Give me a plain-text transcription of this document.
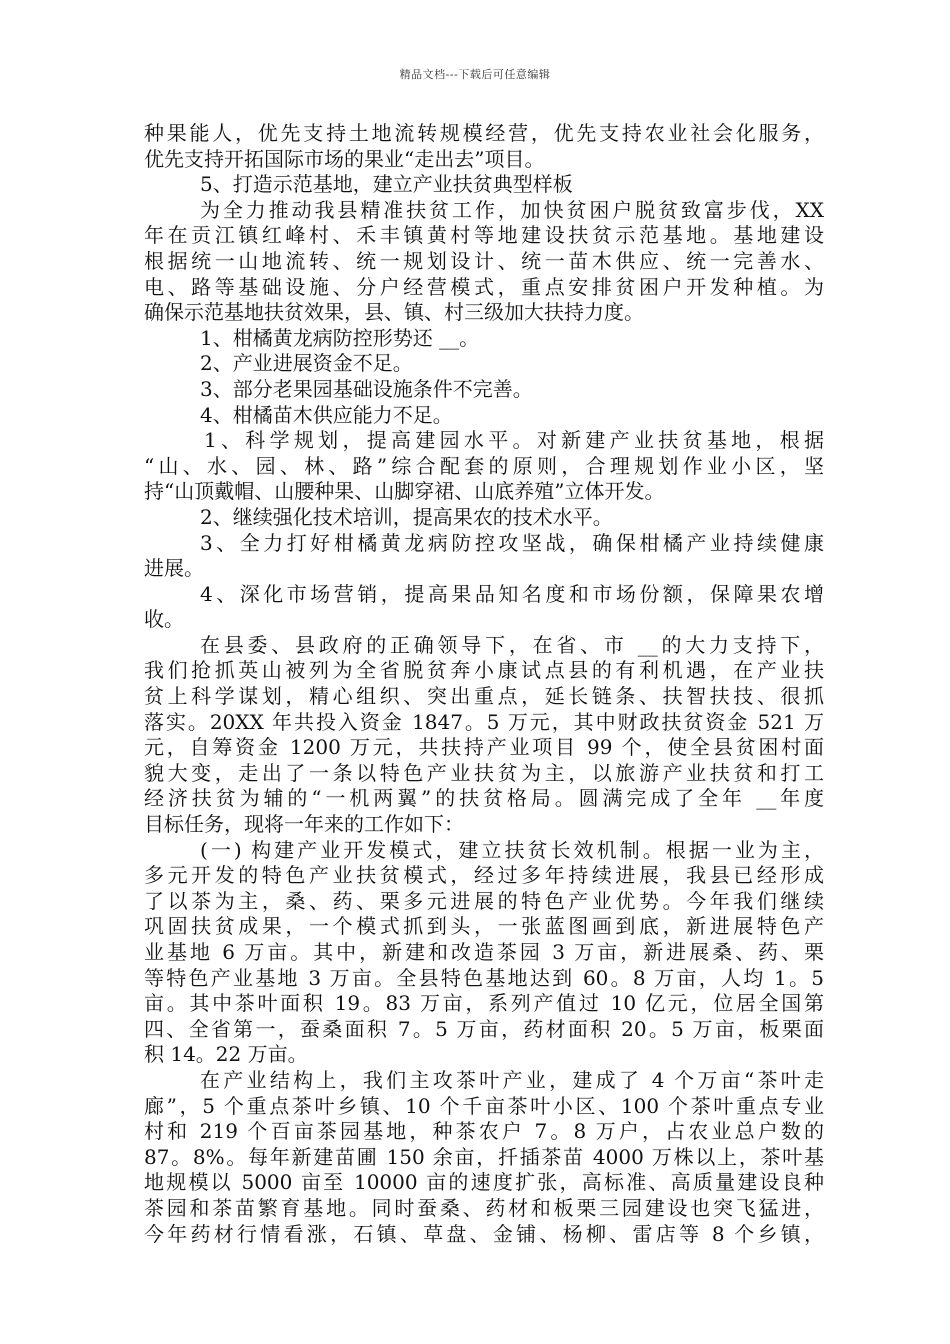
精品文档---下载后可任意编辑
种果能人，优先支持土地流转规模经营，优先支持农业社会化服务，
优先支持开拓国际市场的果业“走出去”项目。
5、打造示范基地，建立产业扶贫典型样板
为全力推动我县精准扶贫工作，加快贫困户脱贫致富步伐，XX
年在贡江镇红峰村、禾丰镇黄村等地建设扶贫示范基地。基地建设
根据统一山地流转、统一规划设计、统一苗木供应、统一完善水、
电、路等基础设施、分户经营模式，重点安排贫困户开发种植。为
确保示范基地扶贫效果，县、镇、村三级加大扶持力度。
1、柑橘黄龙病防控形势还 __。
2、产业进展资金不足。
3、部分老果园基础设施条件不完善。
4、柑橘苗木供应能力不足。
1、科学规划，提高建园水平。对新建产业扶贫基地，根据
“山、水、园、林、路”综合配套的原则，合理规划作业小区，坚
持“山顶戴帽、山腰种果、山脚穿裙、山底养殖”立体开发。
2、继续强化技术培训，提高果农的技术水平。
3、全力打好柑橘黄龙病防控攻坚战，确保柑橘产业持续健康
进展。
4、深化市场营销，提高果品知名度和市场份额，保障果农增
收。
在县委、县政府的正确领导下，在省、市 __的大力支持下，
我们抢抓英山被列为全省脱贫奔小康试点县的有利机遇，在产业扶
贫上科学谋划，精心组织、突出重点，延长链条、扶智扶技、很抓
落实。20XX 年共投入资金 1847。5 万元，其中财政扶贫资金 521 万
元，自筹资金 1200 万元，共扶持产业项目 99 个，使全县贫困村面
貌大变，走出了一条以特色产业扶贫为主，以旅游产业扶贫和打工
经济扶贫为辅的“一机两翼”的扶贫格局。圆满完成了全年 __年度
目标任务，现将一年来的工作如下：
(一) 构建产业开发模式，建立扶贫长效机制。根据一业为主，
多元开发的特色产业扶贫模式，经过多年持续进展，我县已经形成
了以茶为主，桑、药、栗多元进展的特色产业优势。今年我们继续
巩固扶贫成果，一个模式抓到头，一张蓝图画到底，新进展特色产
业基地 6 万亩。其中，新建和改造茶园 3 万亩，新进展桑、药、栗
等特色产业基地 3 万亩。全县特色基地达到 60。8 万亩，人均 1。5
亩。其中茶叶面积 19。83 万亩，系列产值过 10 亿元，位居全国第
四、全省第一，蚕桑面积 7。5 万亩，药材面积 20。5 万亩，板栗面
积 14。22 万亩。
在产业结构上，我们主攻茶叶产业，建成了 4 个万亩“茶叶走
廊”，5 个重点茶叶乡镇、10 个千亩茶叶小区、100 个茶叶重点专业
村和 219 个百亩茶园基地，种茶农户 7。8 万户，占农业总户数的
87。8%。每年新建苗圃 150 余亩，扦插茶苗 4000 万株以上，茶叶基
地规模以 5000 亩至 10000 亩的速度扩张，高标准、高质量建设良种
茶园和茶苗繁育基地。同时蚕桑、药材和板栗三园建设也突飞猛进，
今年药材行情看涨，石镇、草盘、金铺、杨柳、雷店等 8 个乡镇，
